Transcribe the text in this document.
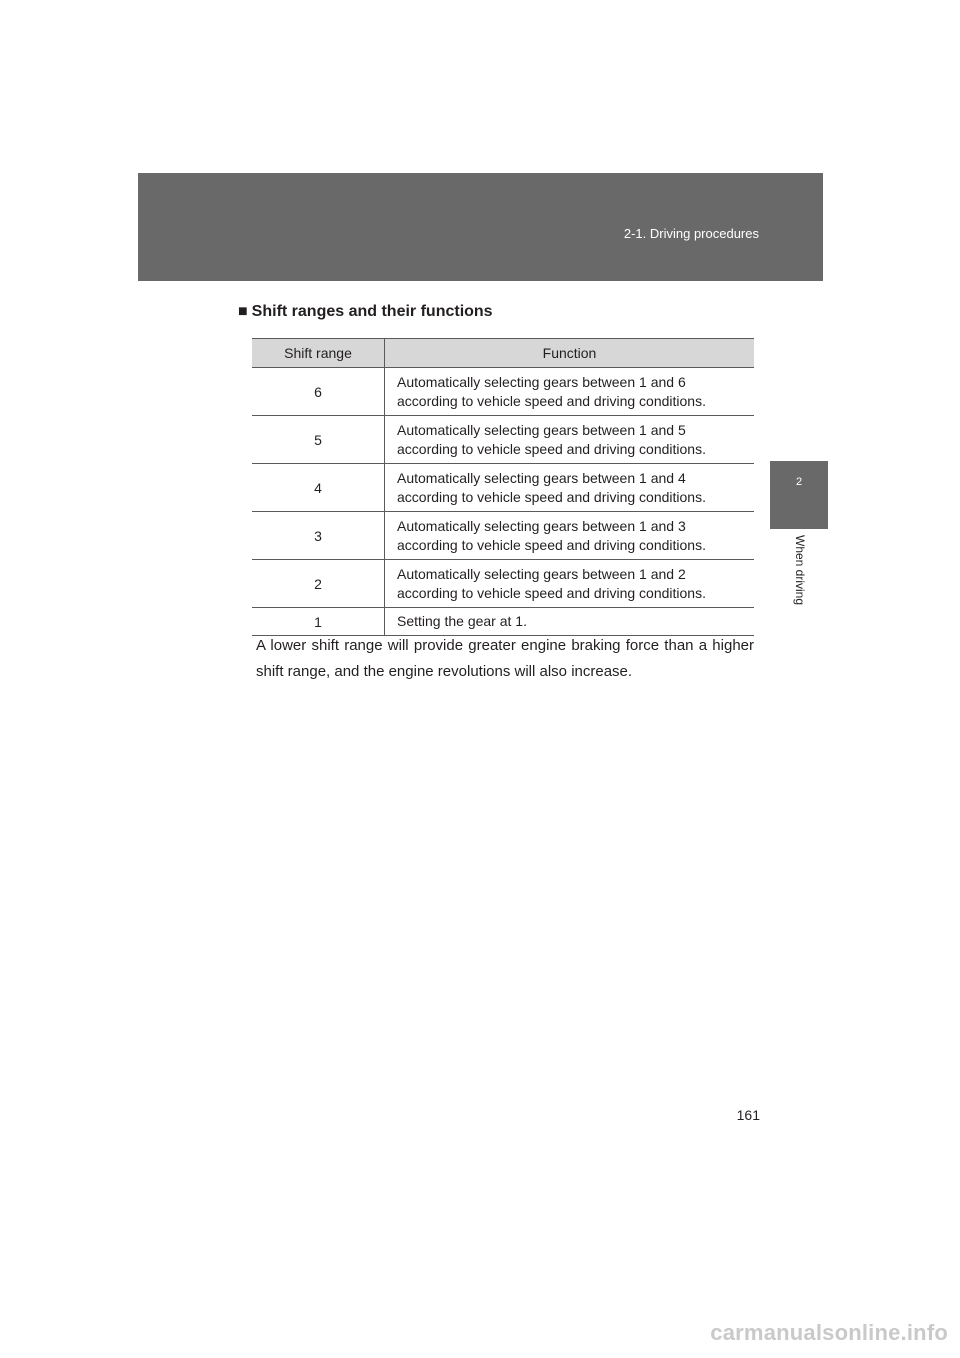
2-1. Driving procedures
2
When driving
■ Shift ranges and their functions
Shift range	Function
6	Automatically selecting gears between 1 and 6 according to vehicle speed and driving conditions.
5	Automatically selecting gears between 1 and 5 according to vehicle speed and driving conditions.
4	Automatically selecting gears between 1 and 4 according to vehicle speed and driving conditions.
3	Automatically selecting gears between 1 and 3 according to vehicle speed and driving conditions.
2	Automatically selecting gears between 1 and 2 according to vehicle speed and driving conditions.
1	Setting the gear at 1.

A lower shift range will provide greater engine braking force than a higher shift range, and the engine revolutions will also increase.

161
carmanualsonline.info
